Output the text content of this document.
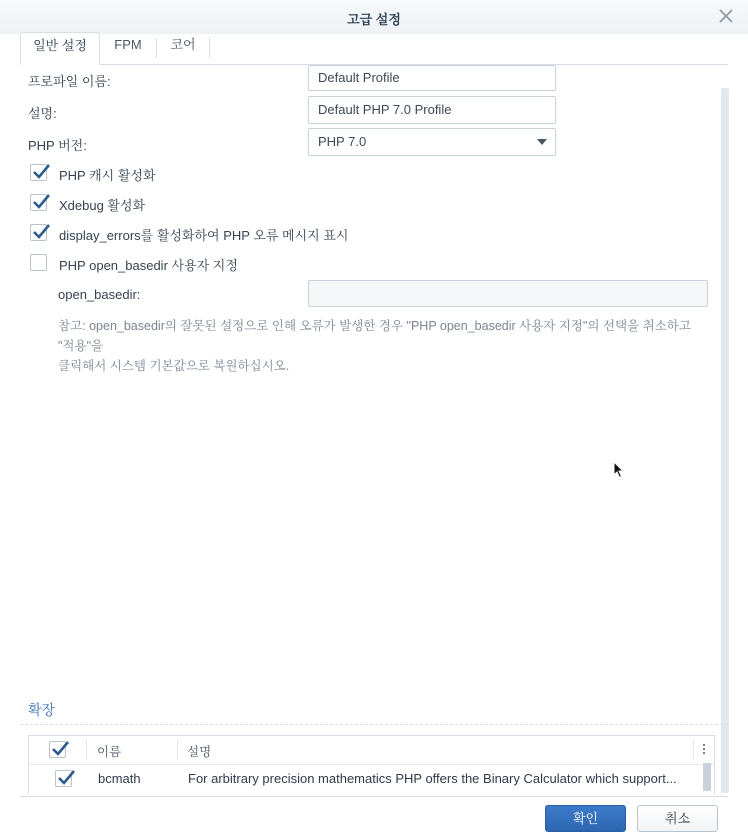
고급 설정
일반 설정	FPM	코어
프로파일 이름:	Default Profile
설명:	Default PHP 7.0 Profile
PHP 버전:	PHP 7.0
PHP 캐시 활성화
Xdebug 활성화
display_errors를 활성화하여 PHP 오류 메시지 표시
PHP open_basedir 사용자 지정
open_basedir:
참고: open_basedir의 잘못된 설정으로 인해 오류가 발생한 경우 "PHP open_basedir 사용자 지정"의 선택을 취소하고 "적용"을
클릭해서 시스템 기본값으로 복원하십시오.
확장
이름	설명
bcmath	For arbitrary precision mathematics PHP offers the Binary Calculator which support...
확인	취소
